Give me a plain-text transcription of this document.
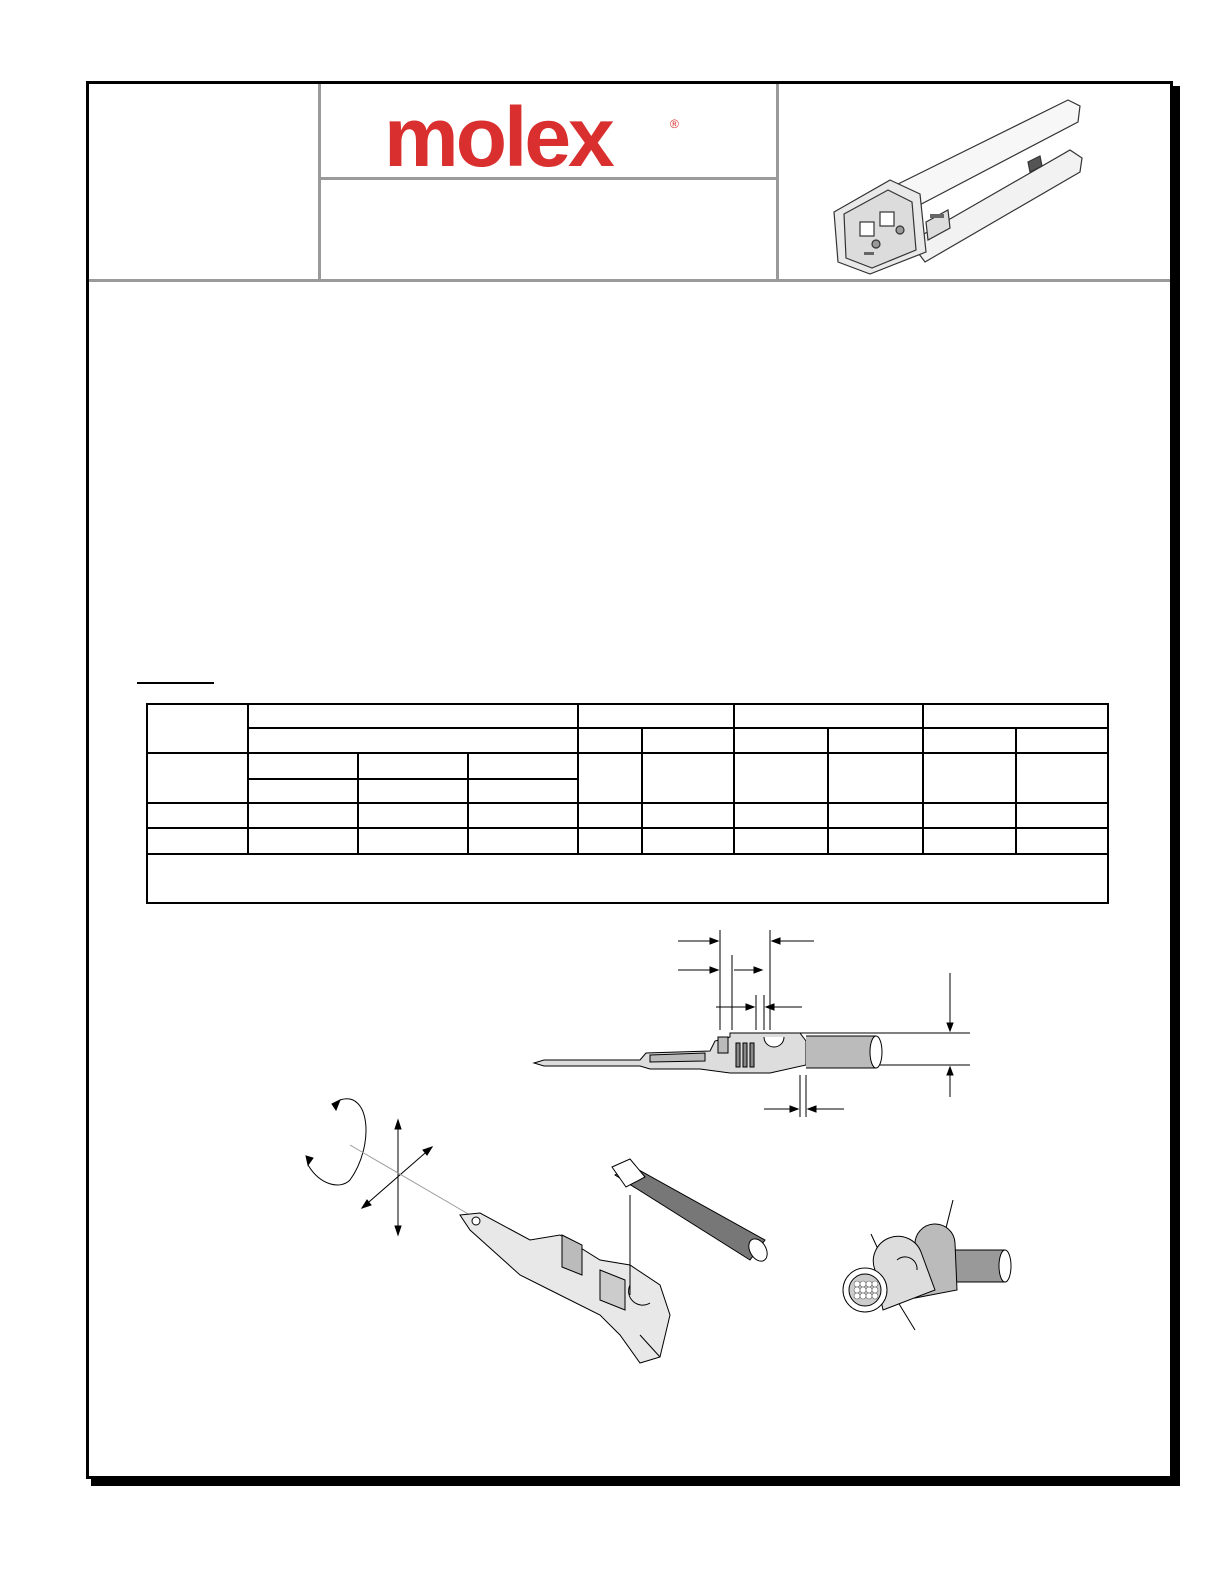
molex	®
